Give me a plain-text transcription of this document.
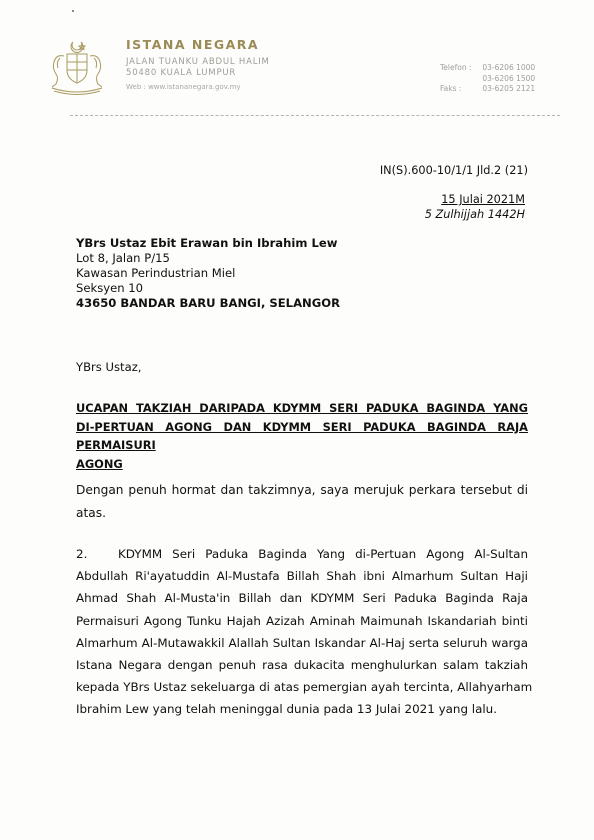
ISTANA NEGARA
JALAN TUANKU ABDUL HALIM
50480 KUALA LUMPUR
Web : www.istananegara.gov.my
Telefon : 03-6206 1000
03-6206 1500
Faks :	03-6205 2121
IN(S).600-10/1/1 Jld.2 (21)
15 Julai 2021M
5 Zulhijjah 1442H
YBrs Ustaz Ebit Erawan bin Ibrahim Lew
Lot 8, Jalan P/15
Kawasan Perindustrian Miel
Seksyen 10
43650 BANDAR BARU BANGI, SELANGOR
YBrs Ustaz,
UCAPAN TAKZIAH DARIPADA KDYMM SERI PADUKA BAGINDA YANG
DI-PERTUAN AGONG DAN KDYMM SERI PADUKA BAGINDA RAJA PERMAISURI
AGONG
Dengan penuh hormat dan takzimnya, saya merujuk perkara tersebut di
atas.
2.	KDYMM Seri Paduka Baginda Yang di-Pertuan Agong Al-Sultan
Abdullah Ri'ayatuddin Al-Mustafa Billah Shah ibni Almarhum Sultan Haji
Ahmad Shah Al-Musta'in Billah dan KDYMM Seri Paduka Baginda Raja
Permaisuri Agong Tunku Hajah Azizah Aminah Maimunah Iskandariah binti
Almarhum Al-Mutawakkil Alallah Sultan Iskandar Al-Haj serta seluruh warga
Istana Negara dengan penuh rasa dukacita menghulurkan salam takziah
kepada YBrs Ustaz sekeluarga di atas pemergian ayah tercinta, Allahyarham
Ibrahim Lew yang telah meninggal dunia pada 13 Julai 2021 yang lalu.
